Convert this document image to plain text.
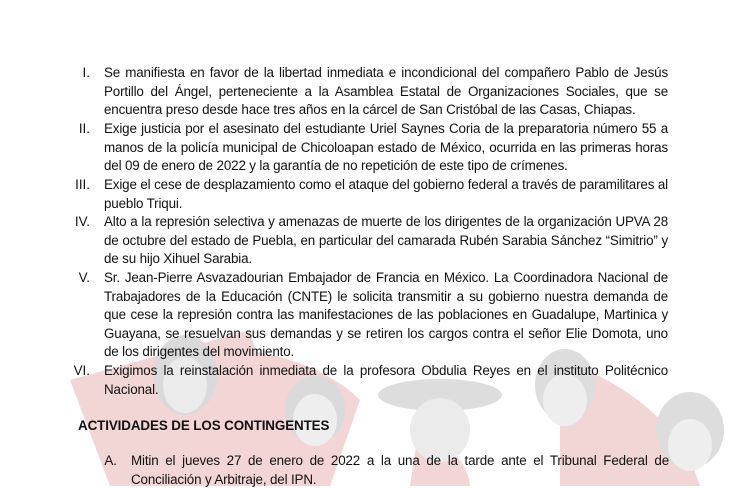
I. Se manifiesta en favor de la libertad inmediata e incondicional del compañero Pablo de Jesús Portillo del Ángel, perteneciente a la Asamblea Estatal de Organizaciones Sociales, que se encuentra preso desde hace tres años en la cárcel de San Cristóbal de las Casas, Chiapas.
II. Exige justicia por el asesinato del estudiante Uriel Saynes Coria de la preparatoria número 55 a manos de la policía municipal de Chicoloapan estado de México, ocurrida en las primeras horas del 09 de enero de 2022 y la garantía de no repetición de este tipo de crímenes.
III. Exige el cese de desplazamiento como el ataque del gobierno federal a través de paramilitares al pueblo Triqui.
IV. Alto a la represión selectiva y amenazas de muerte de los dirigentes de la organización UPVA 28 de octubre del estado de Puebla, en particular del camarada Rubén Sarabia Sánchez “Simitrio” y de su hijo Xihuel Sarabia.
V. Sr. Jean-Pierre Asvazadourian Embajador de Francia en México. La Coordinadora Nacional de Trabajadores de la Educación (CNTE) le solicita transmitir a su gobierno nuestra demanda de que cese la represión contra las manifestaciones de las poblaciones en Guadalupe, Martinica y Guayana, se resuelvan sus demandas y se retiren los cargos contra el señor Elie Domota, uno de los dirigentes del movimiento.
VI. Exigimos la reinstalación inmediata de la profesora Obdulia Reyes en el instituto Politécnico Nacional.
ACTIVIDADES DE LOS CONTINGENTES
A. Mitin el jueves 27 de enero de 2022 a la una de la tarde ante el Tribunal Federal de Conciliación y Arbitraje, del IPN.
